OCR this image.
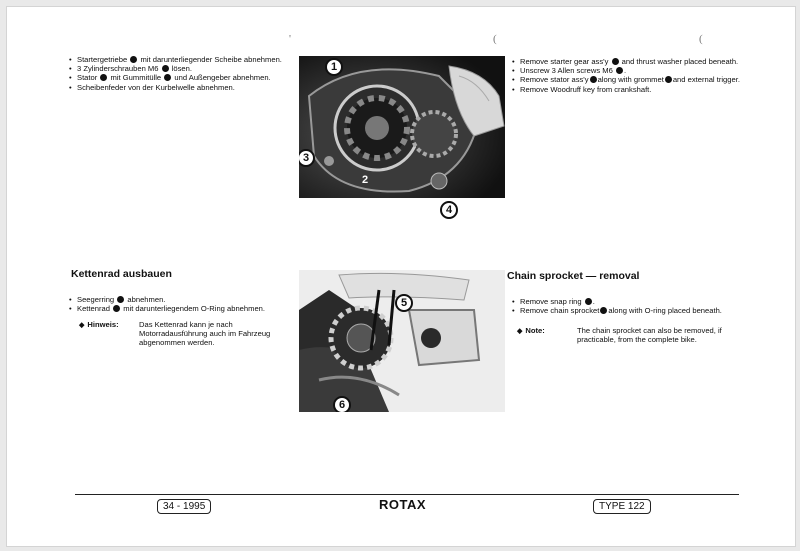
'	(	(
• Startergetriebe mit darunterliegender Scheibe abnehmen.
• 3 Zylinderschrauben M6 lösen.
• Stator mit Gummitülle und Außengeber abnehmen.
• Scheibenfeder von der Kurbelwelle abnehmen.
Kettenrad ausbauen
• Seegerring abnehmen.
• Kettenrad mit darunterliegendem O-Ring abnehmen.
◆ Hinweis:	Das Kettenrad kann je nach Motorradausführung auch im Fahrzeug abgenommen werden.
1
2
3
4
5
6
• Remove starter gear ass'y and thrust washer placed beneath.
• Unscrew 3 Allen screws M6 .
• Remove stator ass'y along with grommet and external trigger.
• Remove Woodruff key from crankshaft.
Chain sprocket — removal
• Remove snap ring .
• Remove chain sprocket along with O-ring placed beneath.
◆ Note:	The chain sprocket can also be removed, if practicable, from the complete bike.
34 - 1995	ROTAX	TYPE 122
